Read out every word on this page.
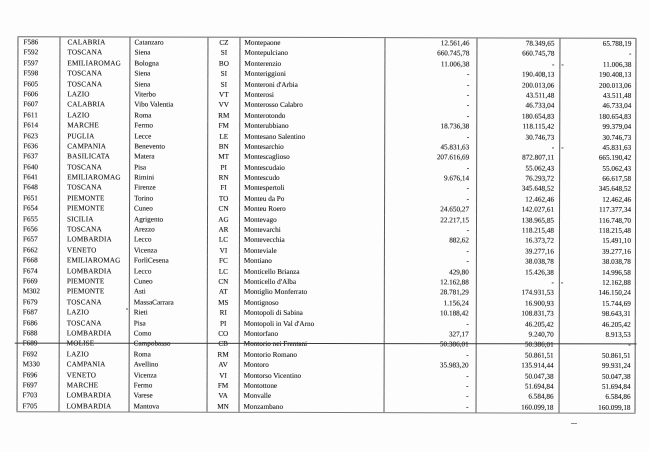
F586	CALABRIA	Catanzaro	CZ	Montepaone	12.561,46	78.349,65	65.788,19
F592	TOSCANA	Siena	SI	Montepulciano	660.745,78	660.745,78	-
F597	EMILIAROMAG	Bologna	BO	Monterenzio	11.006,38	-	11.006,38
-
F598	TOSCANA	Siena	SI	Monteriggioni	-	190.408,13	190.408,13
F605	TOSCANA	Siena	SI	Monteroni d'Arbia	-	200.013,06	200.013,06
F606	LAZIO	Viterbo	VT	Monterosi	-	43.511,48	43.511,48
F607	CALABRIA	Vibo Valentia	VV	Monterosso Calabro	-	46.733,04	46.733,04
F611	LAZIO	Roma	RM	Monterotondo	-	180.654,83	180.654,83
F614	MARCHE	Fermo	FM	Monterubbiano	18.736,38	118.115,42	99.379,04
F623	PUGLIA	Lecce	LE	Montesano Salentino	-	30.746,73	30.746,73
F636	CAMPANIA	Benevento	BN	Montesarchio	45.831,63	-	45.831,63
-
F637	BASILICATA	Matera	MT	Montescaglioso	207.616,69	872.807,11	665.190,42
F640	TOSCANA	Pisa	PI	Montescudaio	-	55.062,43	55.062,43
F641	EMILIAROMAG	Rimini	RN	Montescudo	9.676,14	76.293,72	66.617,58
F648	TOSCANA	Firenze	FI	Montespertoli	-	345.648,52	345.648,52
F651	PIEMONTE	Torino	TO	Monteu da Po	-	12.462,46	12.462,46
F654	PIEMONTE	Cuneo	CN	Monteu Roero	24.650,27	142.027,61	117.377,34
F655	SICILIA	Agrigento	AG	Montevago	22.217,15	138.965,85	116.748,70
F656	TOSCANA	Arezzo	AR	Montevarchi	-	118.215,48	118.215,48
F657	LOMBARDIA	Lecco	LC	Montevecchia	882,62	16.373,72	15.491,10
F662	VENETO	Vicenza	VI	Monteviale	-	39.277,16	39.277,16
F668	EMILIAROMAG	ForlìCesena	FC	Montiano	-	38.038,78	38.038,78
F674	LOMBARDIA	Lecco	LC	Monticello Brianza	429,80	15.426,38	14.996,58
F669	PIEMONTE	Cuneo	CN	Monticello d'Alba	12.162,88	-	12.162,88
-
M302	PIEMONTE	Asti	AT	Montiglio Monferrato	28.781,29	174.931,53	146.150,24
F679	TOSCANA	MassaCarrara	MS	Montignoso	1.156,24	16.900,93	15.744,69
F687	LAZIO	Rieti	RI	Montopoli di Sabina	10.188,42	108.831,73	98.643,31
F686	TOSCANA	Pisa	PI	Montopoli in Val d'Arno	-	46.205,42	46.205,42
F688	LOMBARDIA	Como	CO	Montorfano	327,17	9.240,70	8.913,53
F689	MOLISE	Campobasso	CB	Montorio nei Frentani	50.386,01	50.386,01	-
F692	LAZIO	Roma	RM	Montorio Romano	-	50.861,51	50.861,51
M330	CAMPANIA	Avellino	AV	Montoro	35.983,20	135.914,44	99.931,24
F696	VENETO	Vicenza	VI	Montorso Vicentino	-	50.047,38	50.047,38
F697	MARCHE	Fermo	FM	Montottone	-	51.694,84	51.694,84
F703	LOMBARDIA	Varese	VA	Monvalle	-	6.584,86	6.584,86
F705	LOMBARDIA	Mantova	MN	Monzambano	-	160.099,18	160.099,18
